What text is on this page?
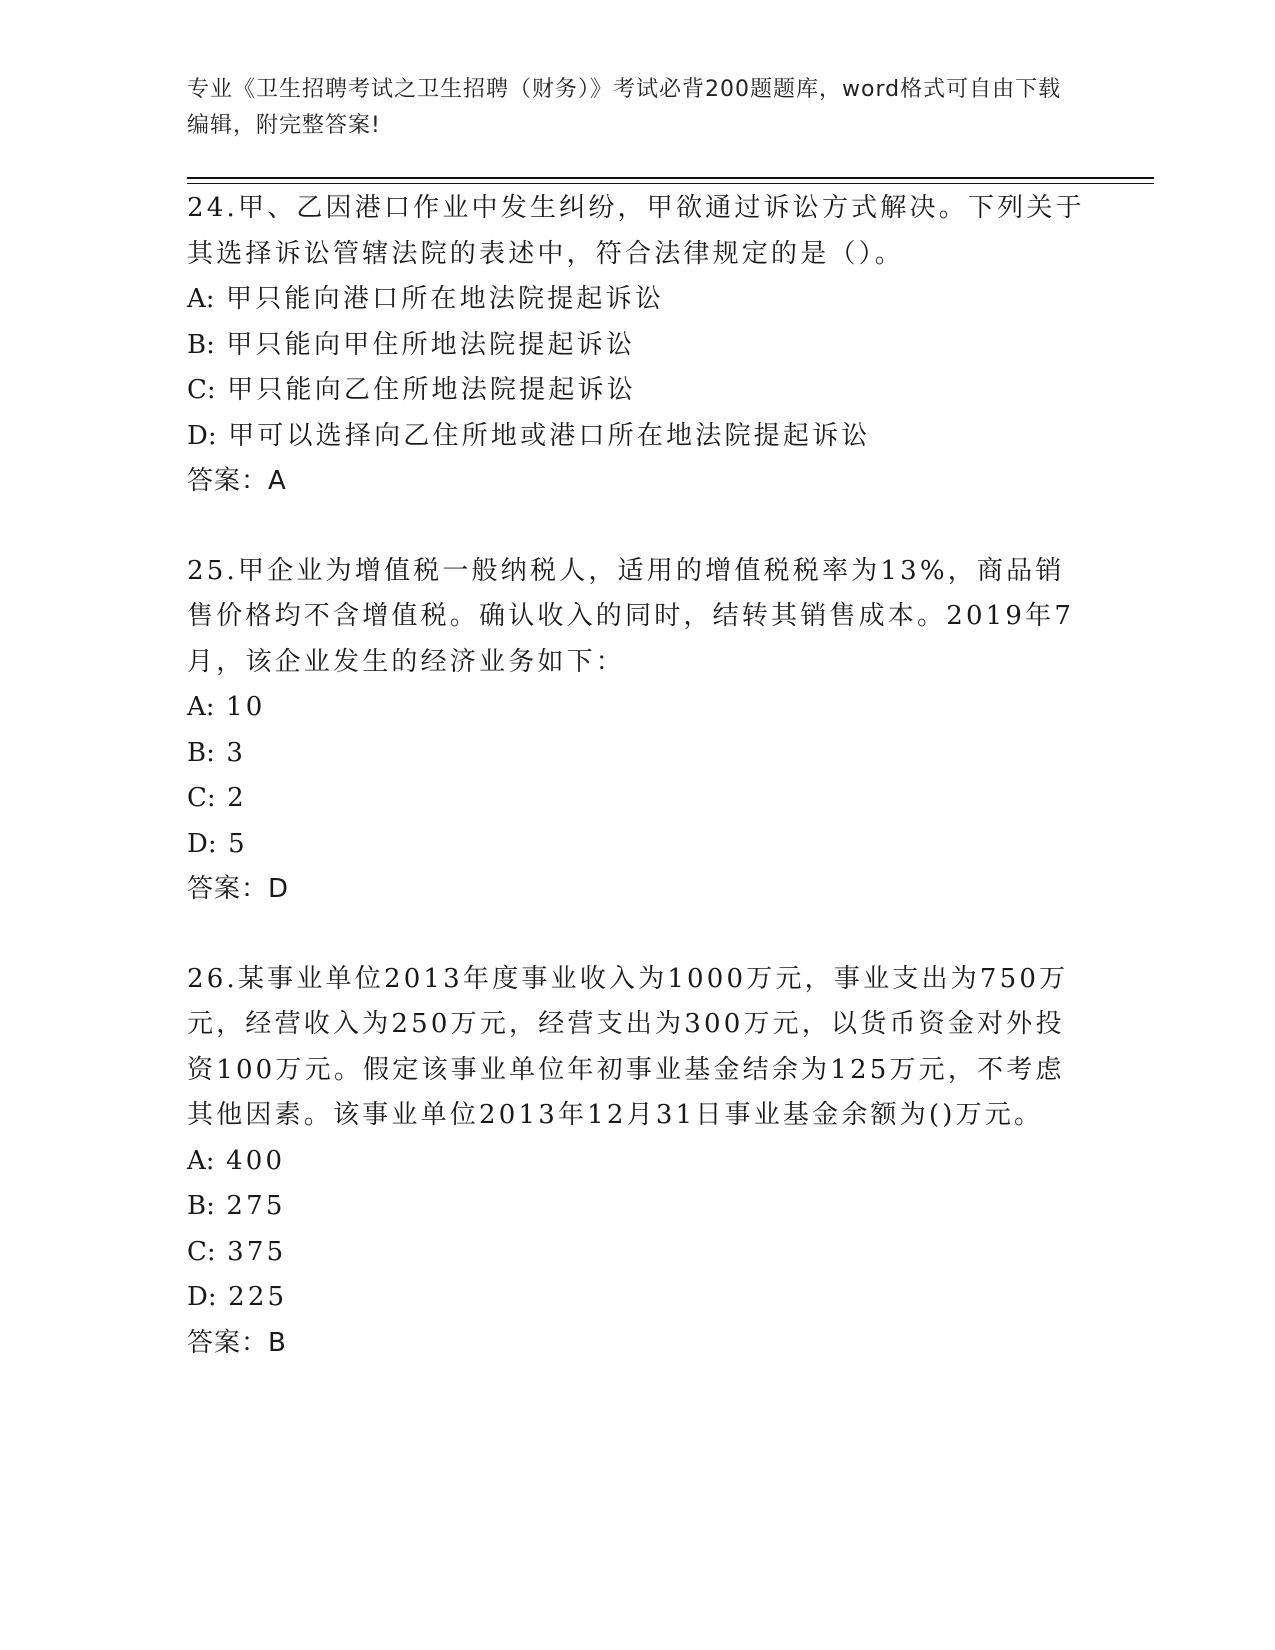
专业《卫生招聘考试之卫生招聘（财务）》考试必背200题题库，word格式可自由下载编辑，附完整答案!

24.甲、乙因港口作业中发生纠纷，甲欲通过诉讼方式解决。下列关于其选择诉讼管辖法院的表述中，符合法律规定的是（）。

A: 甲只能向港口所在地法院提起诉讼

B: 甲只能向甲住所地法院提起诉讼

C: 甲只能向乙住所地法院提起诉讼

D: 甲可以选择向乙住所地或港口所在地法院提起诉讼

答案：A

25.甲企业为增值税一般纳税人，适用的增值税税率为13%，商品销售价格均不含增值税。确认收入的同时，结转其销售成本。2019年7月，该企业发生的经济业务如下：

A: 10

B: 3

C: 2

D: 5

答案：D

26.某事业单位2013年度事业收入为1000万元，事业支出为750万元，经营收入为250万元，经营支出为300万元，以货币资金对外投资100万元。假定该事业单位年初事业基金结余为125万元，不考虑其他因素。该事业单位2013年12月31日事业基金余额为()万元。

A: 400

B: 275

C: 375

D: 225

答案：B
